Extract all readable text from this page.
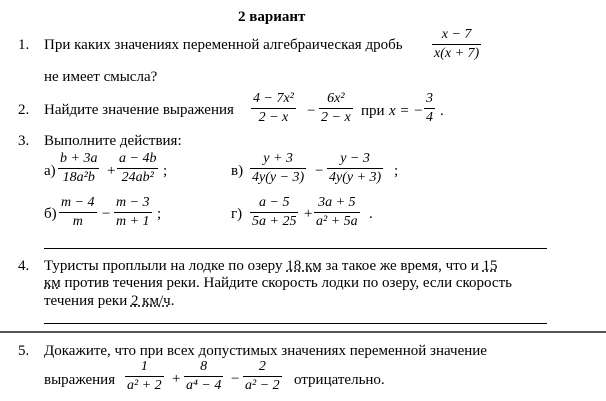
2 вариант
1. При каких значениях переменной алгебраическая дробь
x − 7
x(x + 7)
не имеет смысла?
2. Найдите значение выражения
4 − 7x²
2 − x −
6x²
2 − x при x = −
3
4 .
3. Выполните действия:
а)
b + 3a
18a²b +
a − 4b
24ab² ;
б)
m − 4
m −
m − 3
m + 1 ;
в)
y + 3
4y(y − 3) −
y − 3
4y(y + 3) ;
г)
a − 5
5a + 25 +
3a + 5
a² + 5a .
4. Туристы проплыли на лодке по озеру 18 км за такое же время, что и 15
км против течения реки. Найдите скорость лодки по озеру, если скорость
течения реки 2 км/ч.
5. Докажите, что при всех допустимых значениях переменной значение
выражения
1
a² + 2 +
8
a⁴ − 4 −
2
a² − 2 отрицательно.
